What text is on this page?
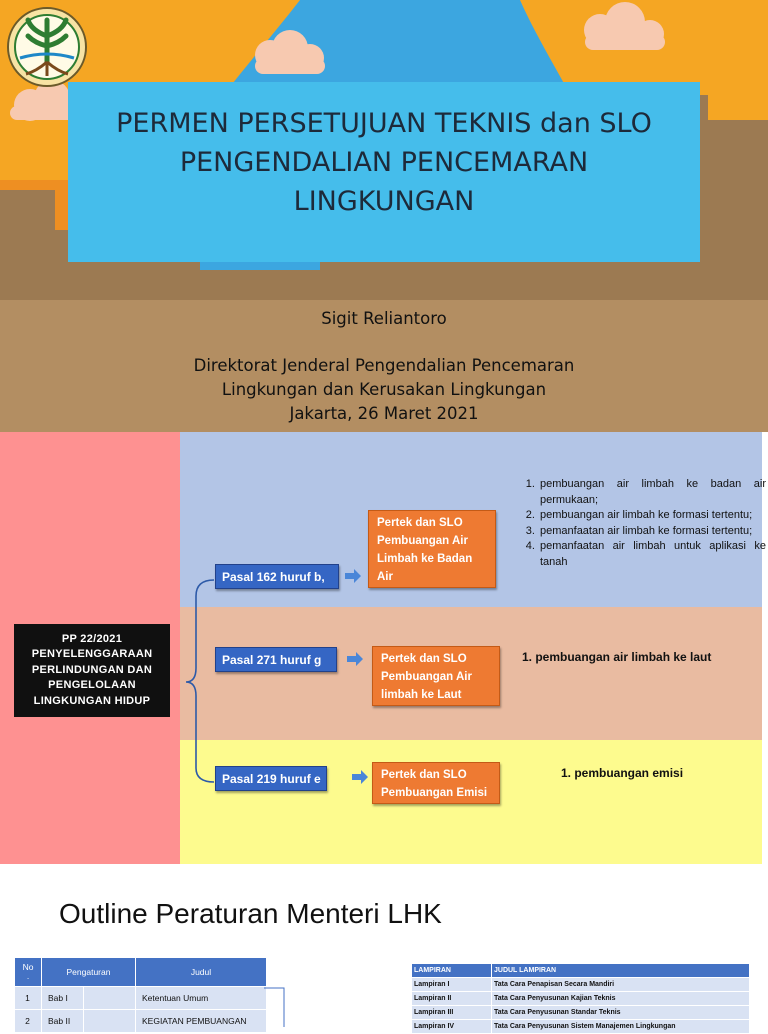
PERMEN PERSETUJUAN TEKNIS dan SLO
PENGENDALIAN PENCEMARAN
LINGKUNGAN
Sigit Reliantoro
Direktorat Jenderal Pengendalian Pencemaran
Lingkungan dan Kerusakan Lingkungan
Jakarta, 26 Maret 2021
PP 22/2021
PENYELENGGARAAN
PERLINDUNGAN DAN
PENGELOLAAN
LINGKUNGAN HIDUP
Pasal 162 huruf b,
Pertek dan SLO
Pembuangan Air
Limbah ke Badan
Air
1. pembuangan air limbah ke badan air permukaan;
2. pembuangan air limbah ke formasi tertentu;
3. pemanfaatan air limbah ke formasi tertentu;
4. pemanfaatan air limbah untuk aplikasi ke tanah
Pasal 271 huruf g	Pertek dan SLO
Pembuangan Air
limbah ke Laut
1. pembuangan air limbah ke laut
Pasal 219 huruf e	Pertek dan SLO
Pembuangan Emisi
1. pembuangan emisi
Outline Peraturan Menteri LHK
No
.	Pengaturan		Judul
1	Bab I		Ketentuan Umum
2	Bab II		KEGIATAN PEMBUANGAN
LAMPIRAN	JUDUL LAMPIRAN
Lampiran I	Tata Cara Penapisan Secara Mandiri
Lampiran II	Tata Cara Penyusunan Kajian Teknis
Lampiran III	Tata Cara Penyusunan Standar Teknis
Lampiran IV	Tata Cara Penyusunan Sistem Manajemen Lingkungan
